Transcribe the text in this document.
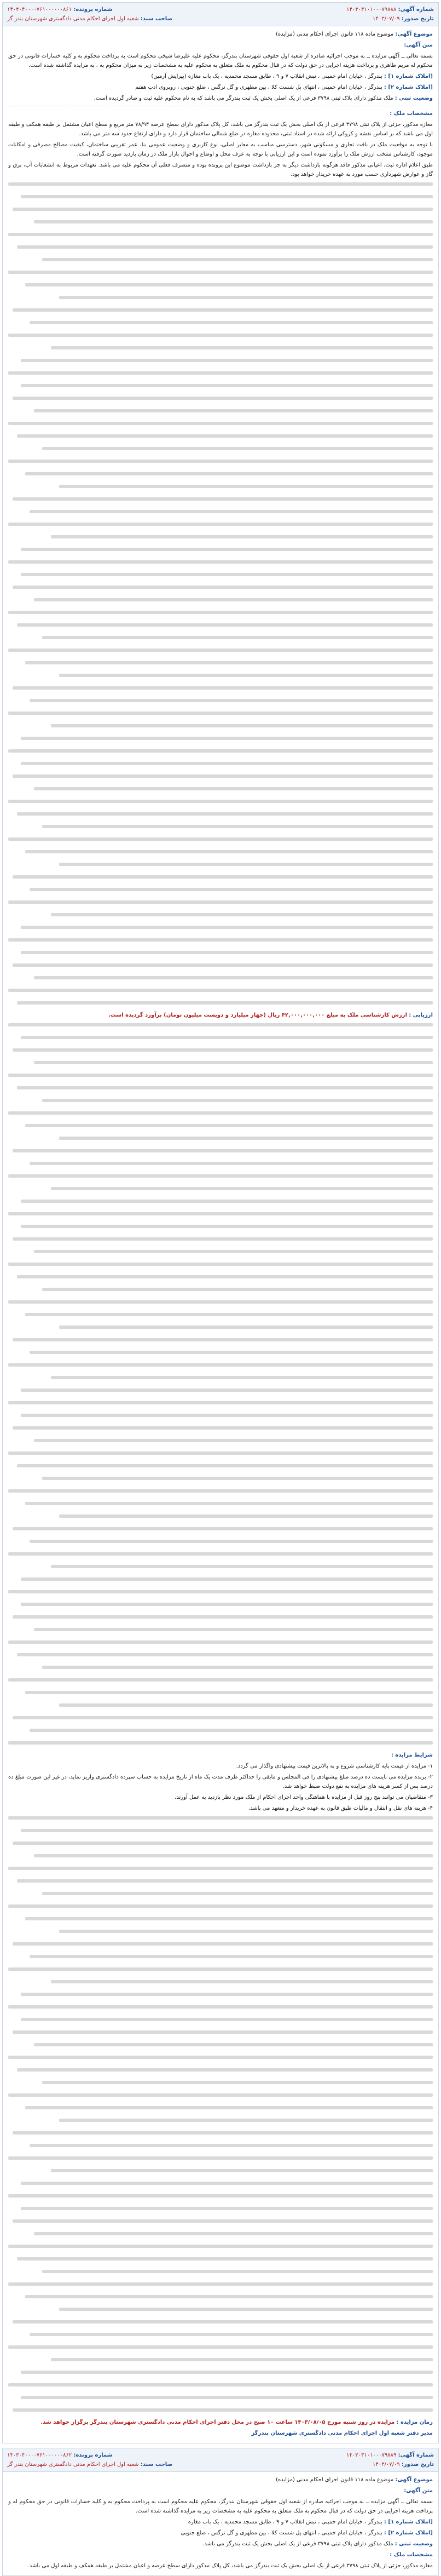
شماره آگهی: ۱۴۰۳۰۳۱۰۱۰۰۰۷۹۸۸۸
شماره پرونده: ۱۴۰۳۰۴۰۰۰۰۷۶۱۰۰۰۰۰۰۸۶۱
تاریخ صدور: ۱۴۰۳/۰۷/۰۹
صاحب سند: شعبه اول اجرای احکام مدنی دادگستری شهرستان بندر گز

موضوع آگهی: موضوع ماده ۱۱۸ قانون اجرای احکام مدنی (مزایده)

متن آگهی:

بسمه تعالی ــ آگهی مزایده ــ به موجب اجرائیه صادره از شعبه اول حقوقی شهرستان بندرگز، محکوم علیه علیرضا شیخی محکوم است به پرداخت محکوم به و کلیه خسارات قانونی در حق محکوم له مریم طاهری و پرداخت هزینه اجرایی در حق دولت که در قبال محکوم به ملک متعلق به محکوم علیه به مشخصات زیر به میزان محکوم به ، به مزایده گذاشته شده است.

[املاک شماره ۱] : بندرگز ، خیابان امام خمینی ، نبش انقلاب ۷ و ۹ ، طابق مسجد محمدیه ، یک باب مغازه (پیرایش آرمین)

[املاک شماره ۲] : بندرگز ، خیابان امام خمینی ، انتهای پل شست کلا ، بین مطهری و گل نرگس ، ضلع جنوبی ، روبروی ادب هفتم

وضعیت ثبتی : ملک مذکور دارای پلاک ثبتی ۳۷۹۸ فرعی از یک اصلی بخش یک ثبت بندرگز می باشد که به نام محکوم علیه ثبت و صادر گردیده است.

مشخصات ملک :

مغازه مذکور، جزئی از پلاک ثبتی ۳۷۹۸ فرعی از یک اصلی بخش یک ثبت بندرگز می باشد، کل پلاک مذکور دارای سطح عرصه ۷۸/۹۳ متر مربع و سطح اعیان مشتمل بر طبقه همکف و طبقه اول می باشد که بر اساس نقشه و کروکی ارائه شده در اسناد ثبتی، محدوده مغازه در ضلع شمالی ساختمان قرار دارد و دارای ارتفاع حدود سه متر می باشد.

با توجه به موقعیت ملک در بافت تجاری و مسکونی شهر، دسترسی مناسب به معابر اصلی، نوع کاربری و وضعیت عمومی بنا، عمر تقریبی ساختمان، کیفیت مصالح مصرفی و امکانات موجود، کارشناس منتخب ارزش ملک را برآورد نموده است و این ارزیابی با توجه به عرف محل و اوضاع و احوال بازار ملک در زمان بازدید صورت گرفته است.

طبق اعلام اداره ثبت، اعیانی مذکور فاقد هرگونه بازداشت دیگر به جز بازداشت موضوع این پرونده بوده و متصرف فعلی آن محکوم علیه می باشد. تعهدات مربوط به انشعابات آب، برق و گاز و عوارض شهرداری حسب مورد به عهده خریدار خواهد بود.

ارزیابی : ارزش کارشناسی ملک به مبلغ ۴۲,۰۰۰,۰۰۰,۰۰۰ ریال (چهار میلیارد و دویست میلیون تومان) برآورد گردیده است.

شرایط مزایده :

۱- مزایده از قیمت پایه کارشناسی شروع و به بالاترین قیمت پیشنهادی واگذار می گردد.

۲- برنده مزایده می بایست ده درصد مبلغ پیشنهادی را فی المجلس و مابقی را حداکثر ظرف مدت یک ماه از تاریخ مزایده به حساب سپرده دادگستری واریز نماید، در غیر این صورت مبلغ ده درصد پس از کسر هزینه های مزایده به نفع دولت ضبط خواهد شد.

۳- متقاضیان می توانند پنج روز قبل از مزایده با هماهنگی واحد اجرای احکام از ملک مورد نظر بازدید به عمل آورند.

۴- هزینه های نقل و انتقال و مالیات طبق قانون به عهده خریدار و متعهد می باشد.

زمان مزایده : مزایده در روز شنبه مورخ ۱۴۰۳/۰۸/۰۵ ساعت ۱۰ صبح در محل دفتر اجرای احکام مدنی دادگستری شهرستان بندرگز برگزار خواهد شد.

مدیر دفتر شعبه اول اجرای احکام مدنی دادگستری شهرستان بندرگز

شماره آگهی: ۱۴۰۳۰۳۱۰۱۰۰۰۷۹۸۸۹
شماره پرونده: ۱۴۰۳۰۴۰۰۰۰۷۶۱۰۰۰۰۰۰۸۶۲
تاریخ صدور: ۱۴۰۳/۰۷/۰۹
صاحب سند: شعبه اول اجرای احکام مدنی دادگستری شهرستان بندر گز

موضوع آگهی: موضوع ماده ۱۱۸ قانون اجرای احکام مدنی (مزایده)

متن آگهی:

بسمه تعالی ــ آگهی مزایده ــ به موجب اجرائیه صادره از شعبه اول حقوقی شهرستان بندرگز، محکوم علیه محکوم است به پرداخت محکوم به و کلیه خسارات قانونی در حق محکوم له و پرداخت هزینه اجرایی در حق دولت که در قبال محکوم به ملک متعلق به محکوم علیه به مشخصات زیر به مزایده گذاشته شده است.

[املاک شماره ۱] : بندرگز ، خیابان امام خمینی ، نبش انقلاب ۷ و ۹ ، طابق مسجد محمدیه ، یک باب مغازه

[املاک شماره ۲] : بندرگز ، خیابان امام خمینی ، انتهای پل شست کلا ، بین مطهری و گل نرگس ، ضلع جنوبی

وضعیت ثبتی : ملک مذکور دارای پلاک ثبتی ۳۷۹۸ فرعی از یک اصلی بخش یک ثبت بندرگز می باشد.

مشخصات ملک :

مغازه مذکور، جزئی از پلاک ثبتی ۳۷۹۸ فرعی از یک اصلی بخش یک ثبت بندرگز می باشد، کل پلاک مذکور دارای سطح عرصه و اعیان مشتمل بر طبقه همکف و طبقه اول می باشد.
